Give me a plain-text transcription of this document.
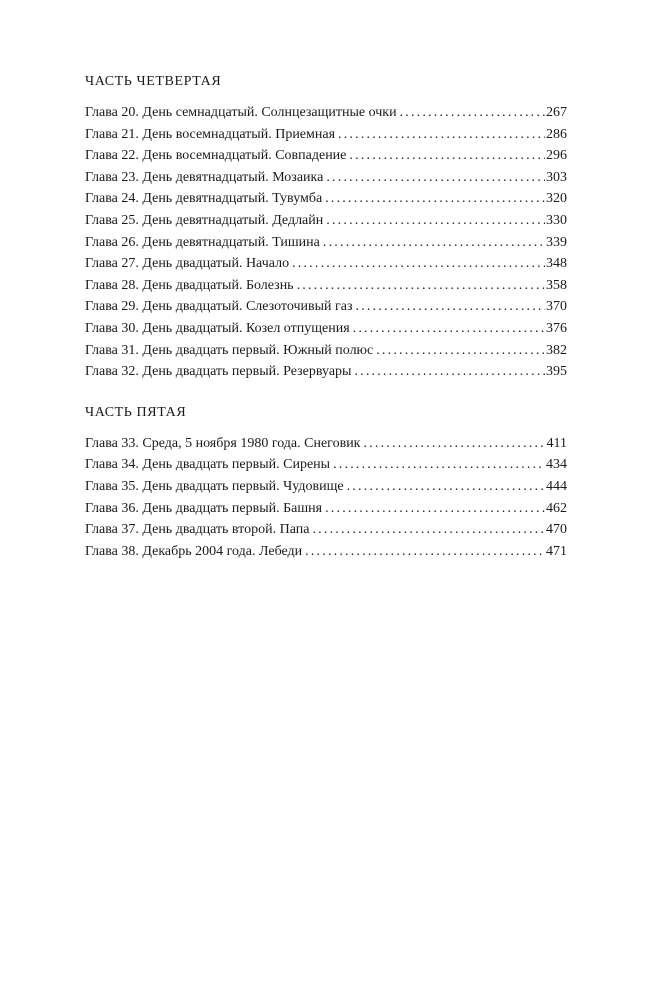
ЧАСТЬ ЧЕТВЕРТАЯ
Глава 20. День семнадцатый. Солнцезащитные очки .....	267
Глава 21. День восемнадцатый. Приемная .....	286
Глава 22. День восемнадцатый. Совпадение .....	296
Глава 23. День девятнадцатый. Мозаика .....	303
Глава 24. День девятнадцатый. Тувумба .....	320
Глава 25. День девятнадцатый. Дедлайн .....	330
Глава 26. День девятнадцатый. Тишина .....	339
Глава 27. День двадцатый. Начало .....	348
Глава 28. День двадцатый. Болезнь .....	358
Глава 29. День двадцатый. Слезоточивый газ .....	370
Глава 30. День двадцатый. Козел отпущения .....	376
Глава 31. День двадцать первый. Южный полюс .....	382
Глава 32. День двадцать первый. Резервуары .....	395
ЧАСТЬ ПЯТАЯ
Глава 33. Среда, 5 ноября 1980 года. Снеговик .....	411
Глава 34. День двадцать первый. Сирены .....	434
Глава 35. День двадцать первый. Чудовище .....	444
Глава 36. День двадцать первый. Башня .....	462
Глава 37. День двадцать второй. Папа .....	470
Глава 38. Декабрь 2004 года. Лебеди .....	471
